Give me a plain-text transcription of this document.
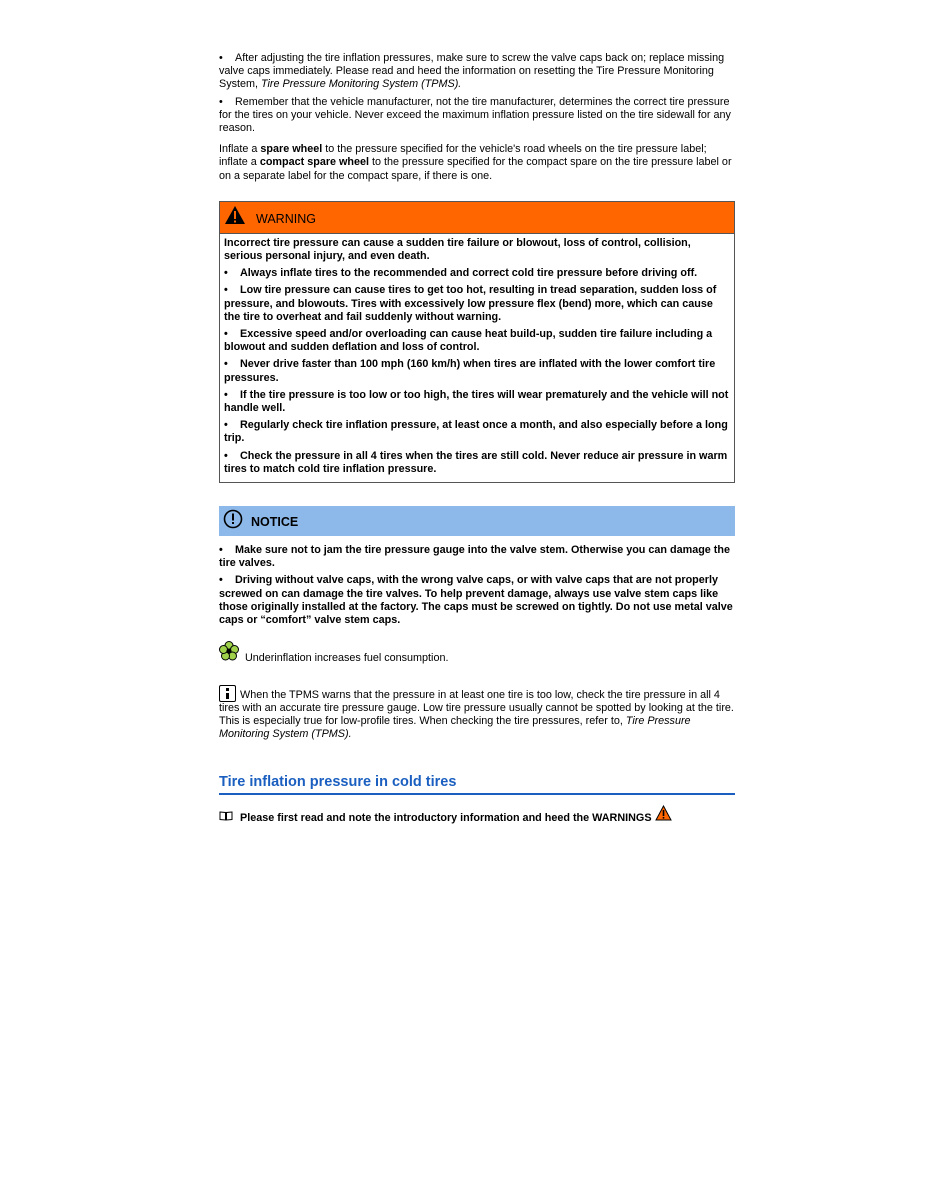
• After adjusting the tire inflation pressures, make sure to screw the valve caps back on; replace missing valve caps immediately. Please read and heed the information on resetting the Tire Pressure Monitoring System, Tire Pressure Monitoring System (TPMS).

• Remember that the vehicle manufacturer, not the tire manufacturer, determines the correct tire pressure for the tires on your vehicle. Never exceed the maximum inflation pressure listed on the tire sidewall for any reason.

Inflate a spare wheel to the pressure specified for the vehicle's road wheels on the tire pressure label; inflate a compact spare wheel to the pressure specified for the compact spare on the tire pressure label or on a separate label for the compact spare, if there is one.

WARNING

Incorrect tire pressure can cause a sudden tire failure or blowout, loss of control, collision, serious personal injury, and even death.

• Always inflate tires to the recommended and correct cold tire pressure before driving off.

• Low tire pressure can cause tires to get too hot, resulting in tread separation, sudden loss of pressure, and blowouts. Tires with excessively low pressure flex (bend) more, which can cause the tire to overheat and fail suddenly without warning.

• Excessive speed and/or overloading can cause heat build-up, sudden tire failure including a blowout and sudden deflation and loss of control.

• Never drive faster than 100 mph (160 km/h) when tires are inflated with the lower comfort tire pressures.

• If the tire pressure is too low or too high, the tires will wear prematurely and the vehicle will not handle well.

• Regularly check tire inflation pressure, at least once a month, and also especially before a long trip.

• Check the pressure in all 4 tires when the tires are still cold. Never reduce air pressure in warm tires to match cold tire inflation pressure.

NOTICE

• Make sure not to jam the tire pressure gauge into the valve stem. Otherwise you can damage the tire valves.

• Driving without valve caps, with the wrong valve caps, or with valve caps that are not properly screwed on can damage the tire valves. To help prevent damage, always use valve stem caps like those originally installed at the factory. The caps must be screwed on tightly. Do not use metal valve caps or “comfort” valve stem caps.

Underinflation increases fuel consumption.

When the TPMS warns that the pressure in at least one tire is too low, check the tire pressure in all 4 tires with an accurate tire pressure gauge. Low tire pressure usually cannot be spotted by looking at the tire. This is especially true for low-profile tires. When checking the tire pressures, refer to, Tire Pressure Monitoring System (TPMS).

Tire inflation pressure in cold tires
Please first read and note the introductory information and heed the WARNINGS
